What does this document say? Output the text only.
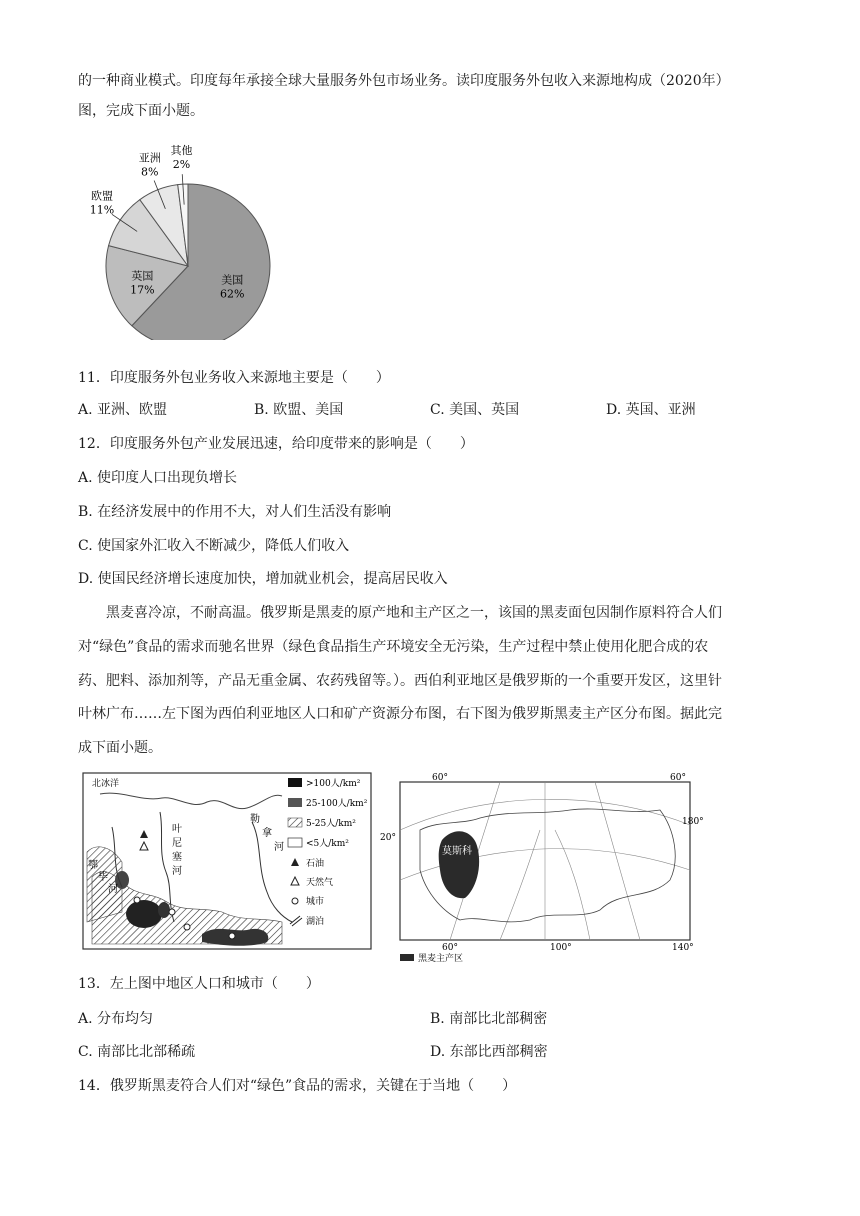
的一种商业模式。印度每年承接全球大量服务外包市场业务。读印度服务外包收入来源地构成（2020年）
图，完成下面小题。
美国
62%
英国
17%
欧盟
11%
亚洲
8%
其他
2%
11．印度服务外包业务收入来源地主要是（　　）
A. 亚洲、欧盟	B. 欧盟、美国	C. 美国、英国	D. 英国、亚洲
12．印度服务外包产业发展迅速，给印度带来的影响是（　　）
A. 使印度人口出现负增长
B. 在经济发展中的作用不大，对人们生活没有影响
C. 使国家外汇收入不断减少，降低人们收入
D. 使国民经济增长速度加快，增加就业机会，提高居民收入
黑麦喜冷凉，不耐高温。俄罗斯是黑麦的原产地和主产区之一，该国的黑麦面包因制作原料符合人们
对“绿色”食品的需求而驰名世界（绿色食品指生产环境安全无污染，生产过程中禁止使用化肥合成的农
药、肥料、添加剂等，产品无重金属、农药残留等。）。西伯利亚地区是俄罗斯的一个重要开发区，这里针
叶林广布……左下图为西伯利亚地区人口和矿产资源分布图，右下图为俄罗斯黑麦主产区分布图。据此完
成下面小题。
北冰洋
叶
尼
塞
河
勒
拿
河
鄂
毕
河
>100人/km²
25-100人/km²
5-25人/km²
<5人/km²
石油
天然气
城市
湖泊
60°	60°
180°
20°
莫斯科
60°	100°	140°
黑麦主产区
13．左上图中地区人口和城市（　　）
A. 分布均匀	B. 南部比北部稠密
C. 南部比北部稀疏	D. 东部比西部稠密
14．俄罗斯黑麦符合人们对“绿色”食品的需求，关键在于当地（　　）
